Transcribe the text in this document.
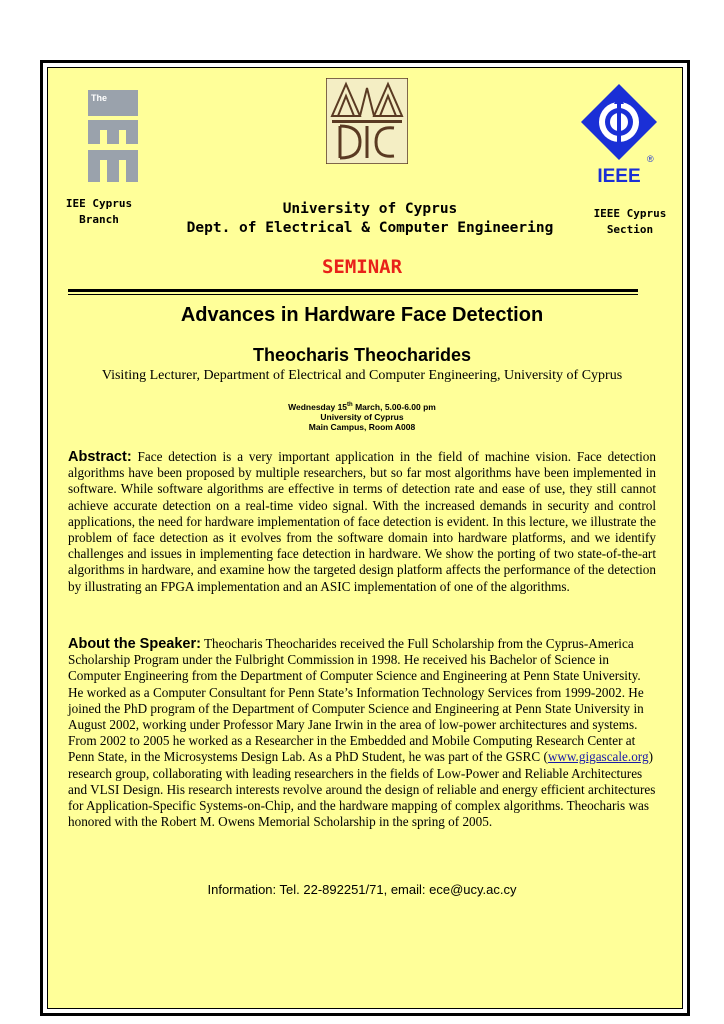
The
®
IEEE
IEE Cyprus
Branch
University of Cyprus
Dept. of Electrical & Computer Engineering
IEEE Cyprus
Section
SEMINAR
Advances in Hardware Face Detection
Theocharis Theocharides
Visiting Lecturer, Department of Electrical and Computer Engineering, University of Cyprus
Wednesday 15th March, 5.00-6.00 pm
University of Cyprus
Main Campus, Room A008
Abstract: Face detection is a very important application in the field of machine vision. Face detection algorithms have been proposed by multiple researchers, but so far most algorithms have been implemented in software. While software algorithms are effective in terms of detection rate and ease of use, they still cannot achieve accurate detection on a real-time video signal. With the increased demands in security and control applications, the need for hardware implementation of face detection is evident. In this lecture, we illustrate the problem of face detection as it evolves from the software domain into hardware platforms, and we identify challenges and issues in implementing face detection in hardware. We show the porting of two state-of-the-art algorithms in hardware, and examine how the targeted design platform affects the performance of the detection by illustrating an FPGA implementation and an ASIC implementation of one of the algorithms.
About the Speaker: Theocharis Theocharides received the Full Scholarship from the Cyprus-America Scholarship Program under the Fulbright Commission in 1998. He received his Bachelor of Science in Computer Engineering from the Department of Computer Science and Engineering at Penn State University. He worked as a Computer Consultant for Penn State’s Information Technology Services from 1999-2002. He joined the PhD program of the Department of Computer Science and Engineering at Penn State University in August 2002, working under Professor Mary Jane Irwin in the area of low-power architectures and systems. From 2002 to 2005 he worked as a Researcher in the Embedded and Mobile Computing Research Center at Penn State, in the Microsystems Design Lab. As a PhD Student, he was part of the GSRC (www.gigascale.org) research group, collaborating with leading researchers in the fields of Low-Power and Reliable Architectures and VLSI Design. His research interests revolve around the design of reliable and energy efficient architectures for Application-Specific Systems-on-Chip, and the hardware mapping of complex algorithms. Theocharis was honored with the Robert M. Owens Memorial Scholarship in the spring of 2005.
Information: Tel. 22-892251/71, email: ece@ucy.ac.cy
